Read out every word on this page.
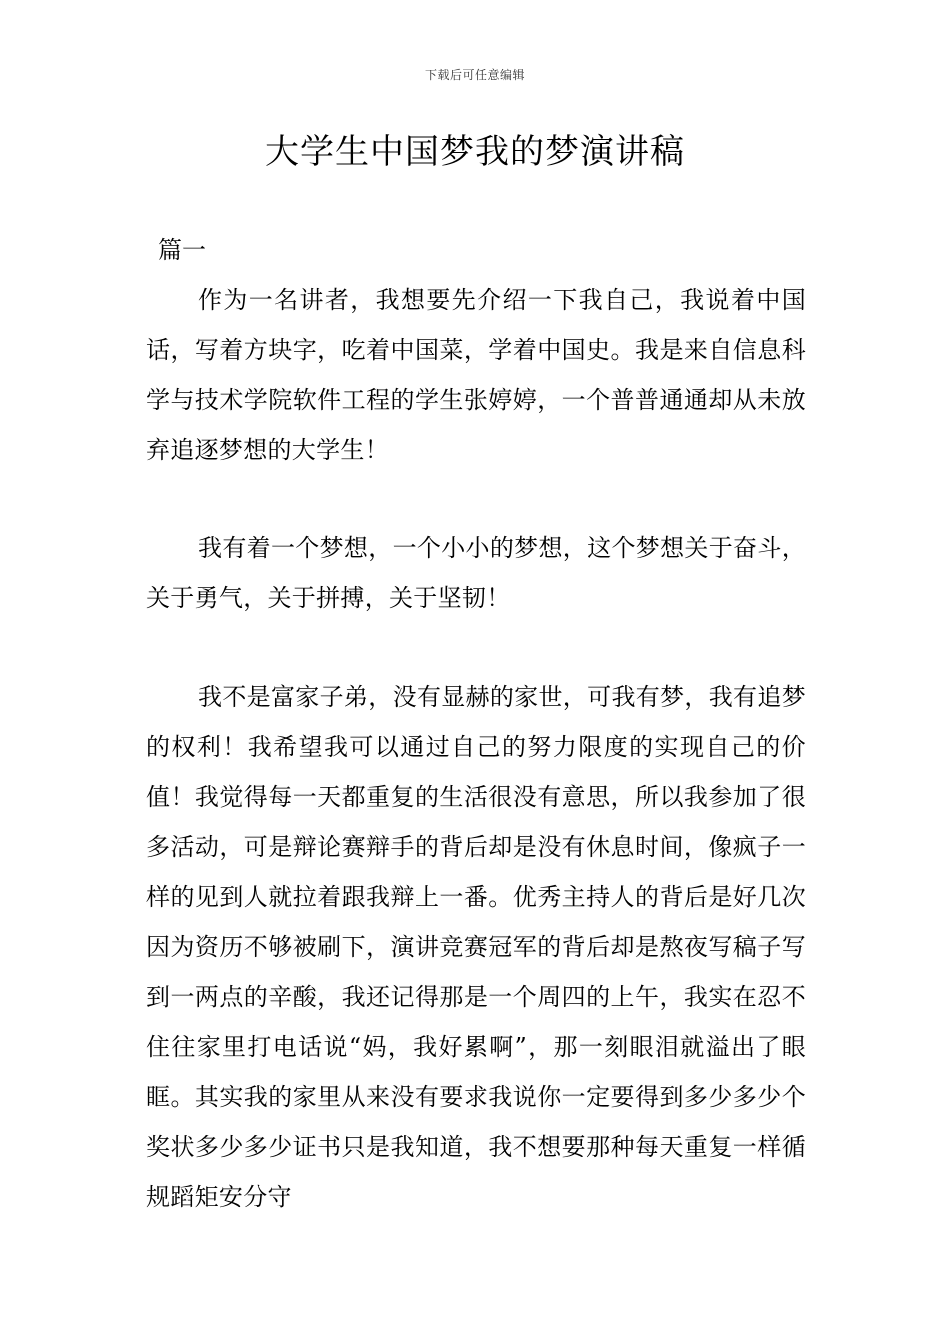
下载后可任意编辑
大学生中国梦我的梦演讲稿
篇一

作为一名讲者，我想要先介绍一下我自己，我说着中国话，写着方块字，吃着中国菜，学着中国史。我是来自信息科学与技术学院软件工程的学生张婷婷，一个普普通通却从未放弃追逐梦想的大学生！

我有着一个梦想，一个小小的梦想，这个梦想关于奋斗，关于勇气，关于拼搏，关于坚韧！

我不是富家子弟，没有显赫的家世，可我有梦，我有追梦的权利！我希望我可以通过自己的努力限度的实现自己的价值！我觉得每一天都重复的生活很没有意思，所以我参加了很多活动，可是辩论赛辩手的背后却是没有休息时间，像疯子一样的见到人就拉着跟我辩上一番。优秀主持人的背后是好几次因为资历不够被刷下，演讲竞赛冠军的背后却是熬夜写稿子写到一两点的辛酸，我还记得那是一个周四的上午，我实在忍不住往家里打电话说“妈，我好累啊”，那一刻眼泪就溢出了眼眶。其实我的家里从来没有要求我说你一定要得到多少多少个奖状多少多少证书只是我知道，我不想要那种每天重复一样循规蹈矩安分守
